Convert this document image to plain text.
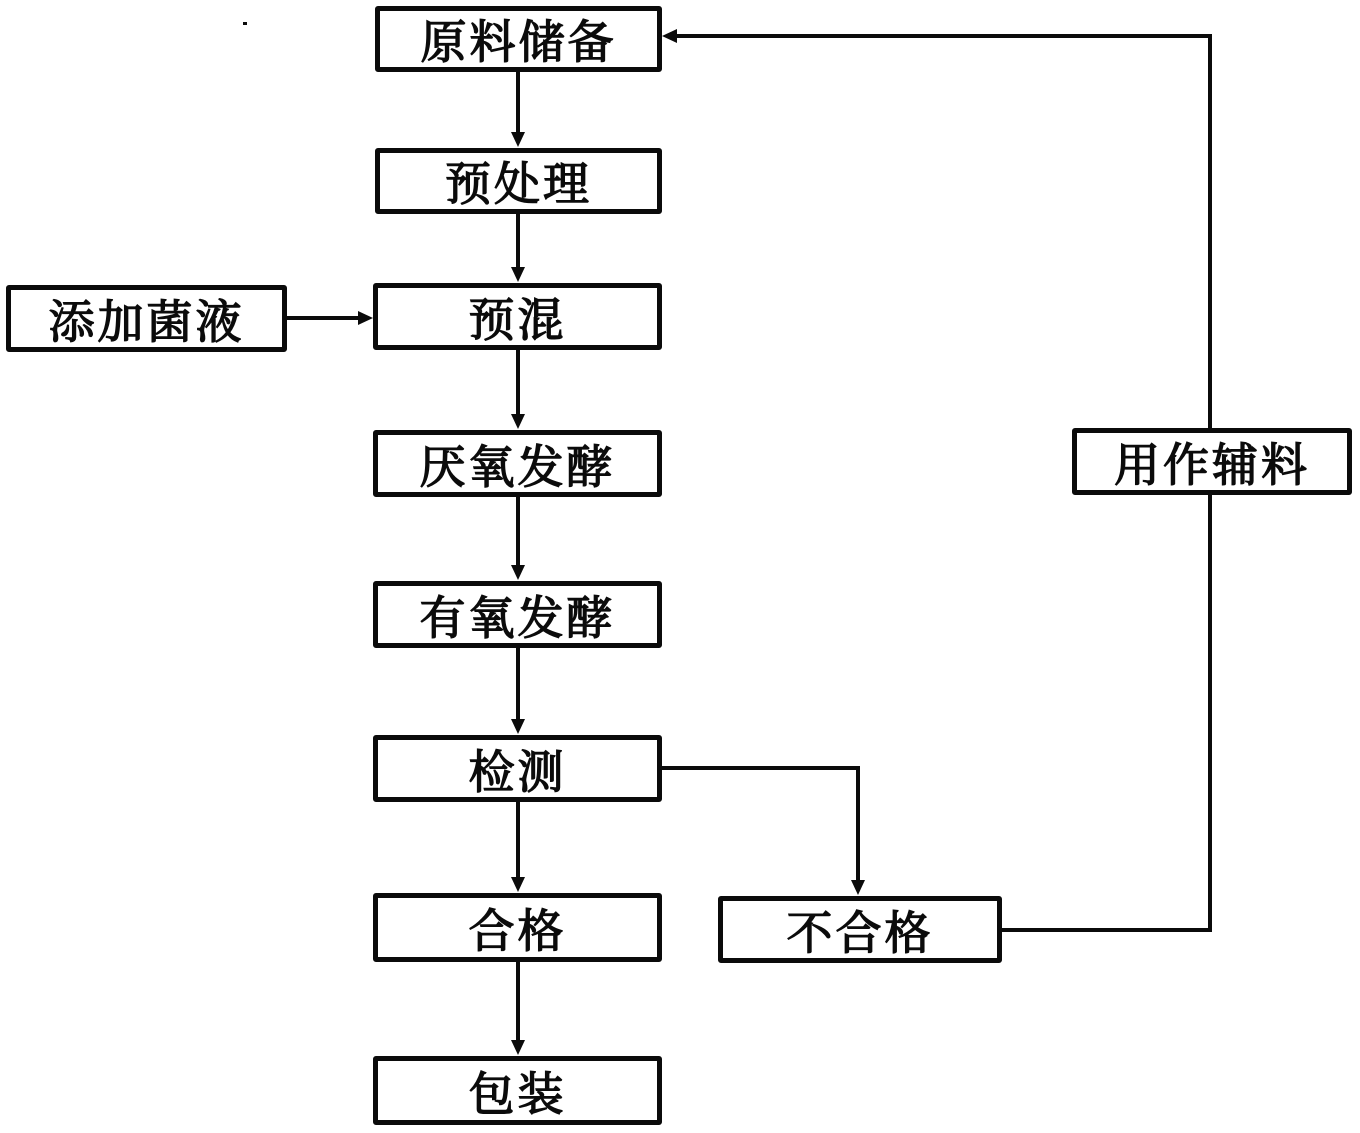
原料储备
预处理
添加菌液	预混
厌氧发酵
有氧发酵
检测
合格	不合格
包装
用作辅料
